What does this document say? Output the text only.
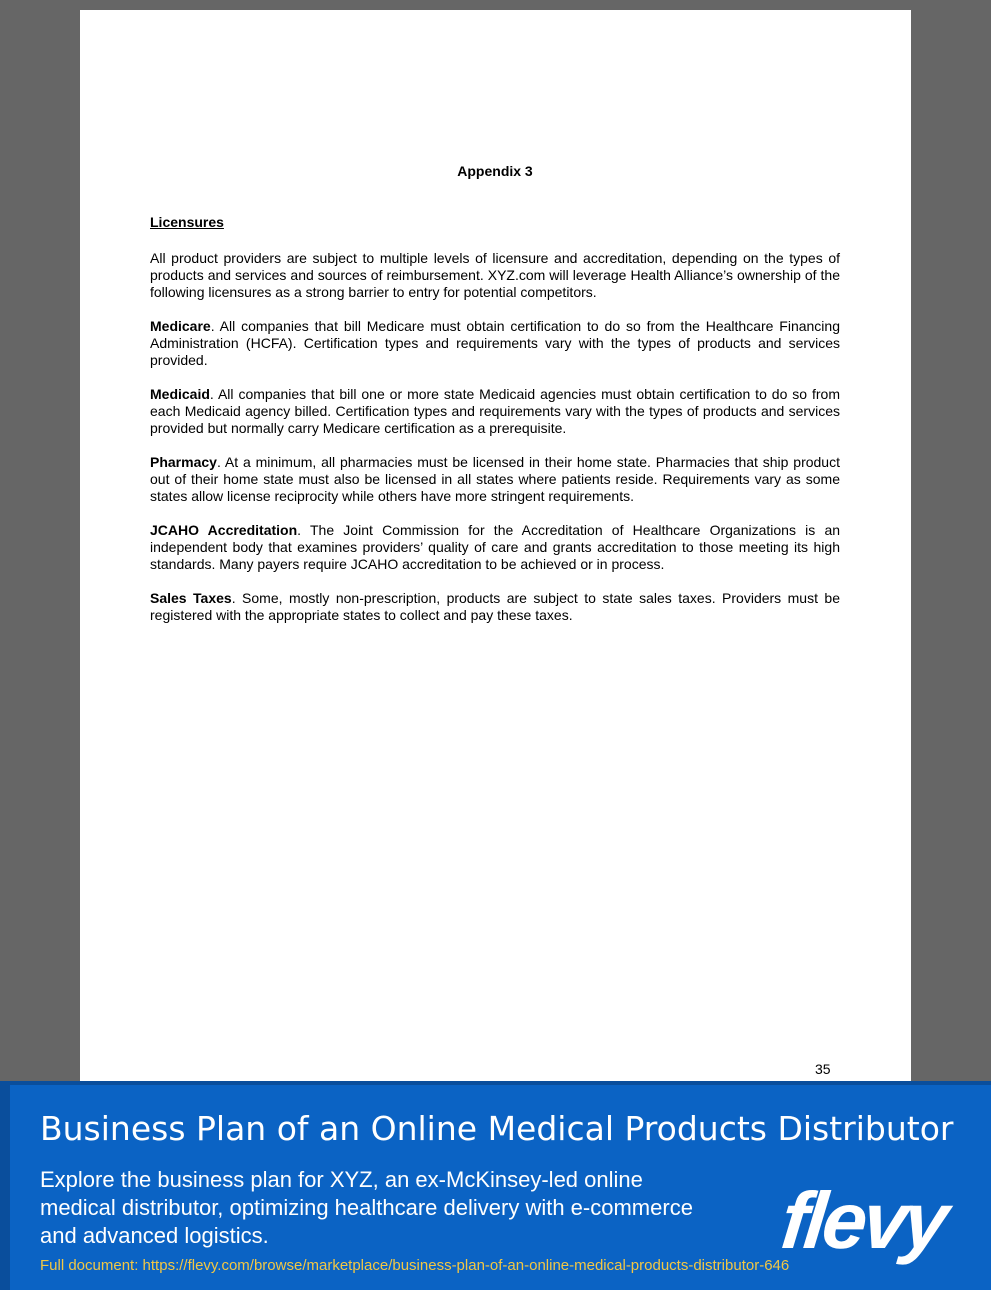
Appendix 3
Licensures

All product providers are subject to multiple levels of licensure and accreditation, depending on the types of products and services and sources of reimbursement. XYZ.com will leverage Health Alliance’s ownership of the following licensures as a strong barrier to entry for potential competitors.

Medicare. All companies that bill Medicare must obtain certification to do so from the Healthcare Financing Administration (HCFA). Certification types and requirements vary with the types of products and services provided.

Medicaid. All companies that bill one or more state Medicaid agencies must obtain certification to do so from each Medicaid agency billed. Certification types and requirements vary with the types of products and services provided but normally carry Medicare certification as a prerequisite.

Pharmacy. At a minimum, all pharmacies must be licensed in their home state. Pharmacies that ship product out of their home state must also be licensed in all states where patients reside. Requirements vary as some states allow license reciprocity while others have more stringent requirements.

JCAHO Accreditation. The Joint Commission for the Accreditation of Healthcare Organizations is an independent body that examines providers’ quality of care and grants accreditation to those meeting its high standards. Many payers require JCAHO accreditation to be achieved or in process.

Sales Taxes. Some, mostly non-prescription, products are subject to state sales taxes. Providers must be registered with the appropriate states to collect and pay these taxes.

35
Business Plan of an Online Medical Products Distributor
Explore the business plan for XYZ, an ex-McKinsey-led online medical distributor, optimizing healthcare delivery with e-commerce and advanced logistics.
Full document: https://flevy.com/browse/marketplace/business-plan-of-an-online-medical-products-distributor-646
flevy
